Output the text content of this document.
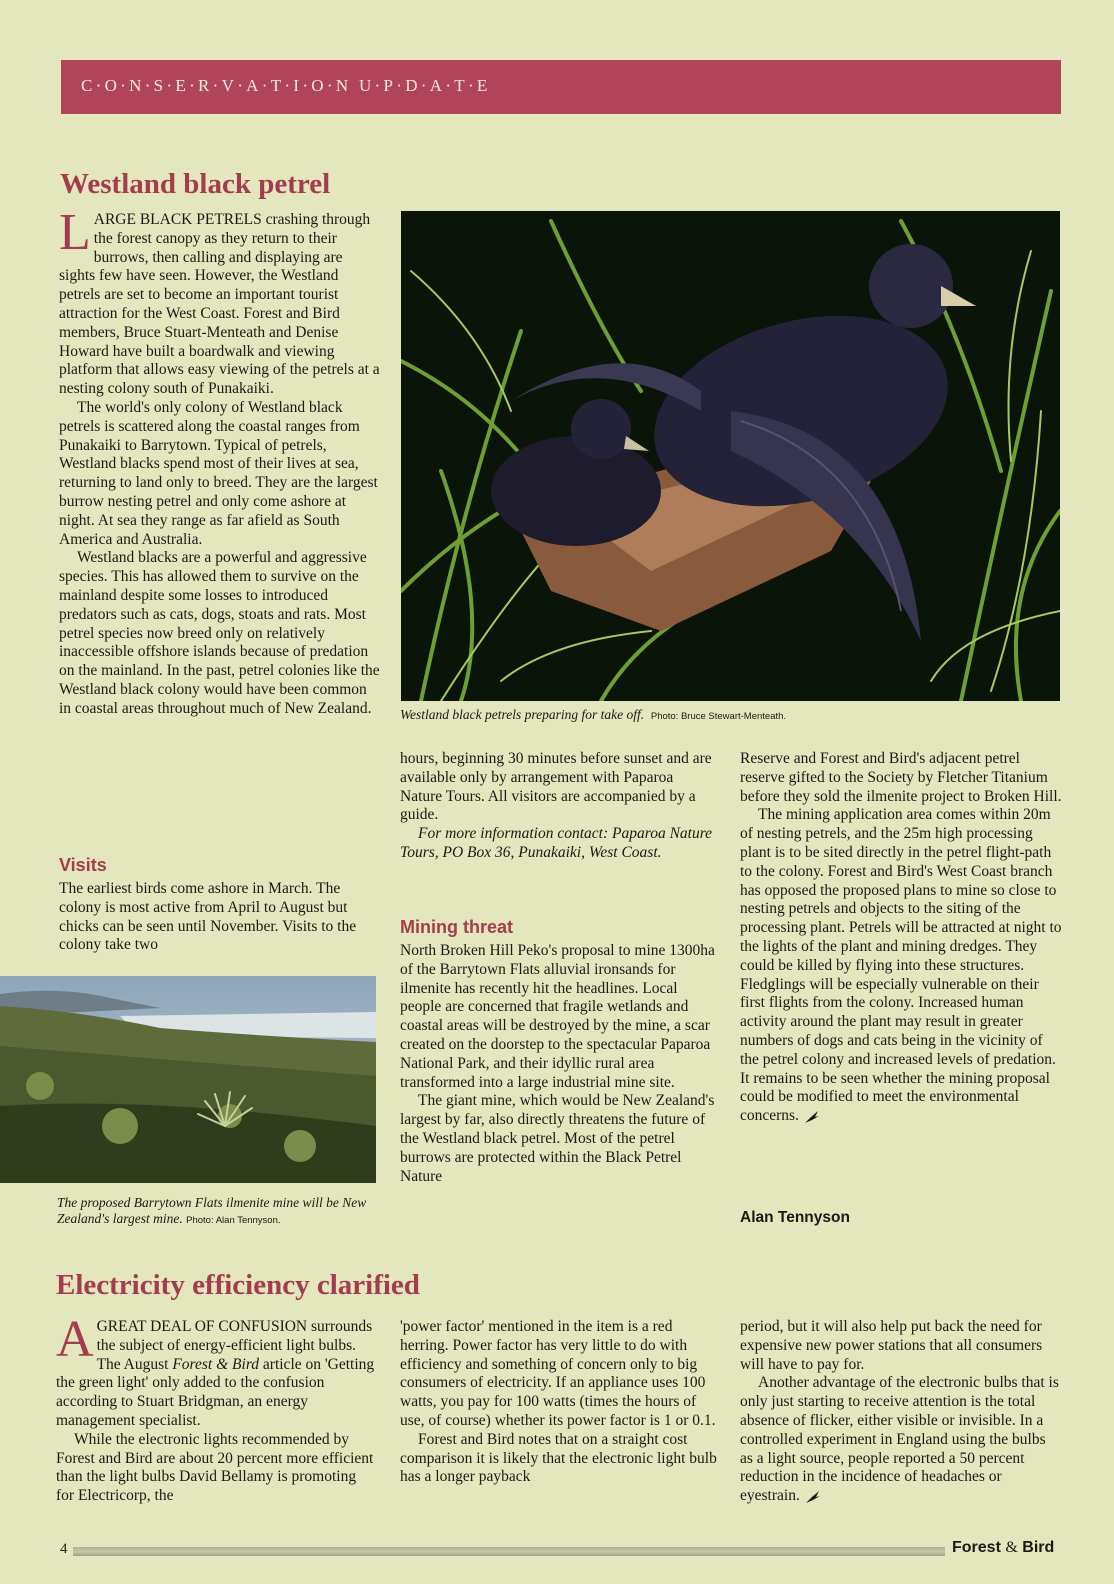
C·O·N·S·E·R·V·A·T·I·O·N U·P·D·A·T·E
Westland black petrel

LARGE BLACK PETRELS crashing through the forest canopy as they return to their burrows, then calling and displaying are sights few have seen. However, the Westland petrels are set to become an important tourist attraction for the West Coast. Forest and Bird members, Bruce Stuart-Menteath and Denise Howard have built a boardwalk and viewing platform that allows easy viewing of the petrels at a nesting colony south of Punakaiki.

The world's only colony of Westland black petrels is scattered along the coastal ranges from Punakaiki to Barrytown. Typical of petrels, Westland blacks spend most of their lives at sea, returning to land only to breed. They are the largest burrow nesting petrel and only come ashore at night. At sea they range as far afield as South America and Australia.

Westland blacks are a powerful and aggressive species. This has allowed them to survive on the mainland despite some losses to introduced predators such as cats, dogs, stoats and rats. Most petrel species now breed only on relatively inaccessible offshore islands because of predation on the mainland. In the past, petrel colonies like the Westland black colony would have been common in coastal areas throughout much of New Zealand.

Visits

The earliest birds come ashore in March. The colony is most active from April to August but chicks can be seen until November. Visits to the colony take two

Westland black petrels preparing for take off. Photo: Bruce Stewart-Menteath.

hours, beginning 30 minutes before sunset and are available only by arrangement with Paparoa Nature Tours. All visitors are accompanied by a guide.

For more information contact: Paparoa Nature Tours, PO Box 36, Punakaiki, West Coast.

Mining threat

North Broken Hill Peko's proposal to mine 1300ha of the Barrytown Flats alluvial ironsands for ilmenite has recently hit the headlines. Local people are concerned that fragile wetlands and coastal areas will be destroyed by the mine, a scar created on the doorstep to the spectacular Paparoa National Park, and their idyllic rural area transformed into a large industrial mine site.

The giant mine, which would be New Zealand's largest by far, also directly threatens the future of the Westland black petrel. Most of the petrel burrows are protected within the Black Petrel Nature

Reserve and Forest and Bird's adjacent petrel reserve gifted to the Society by Fletcher Titanium before they sold the ilmenite project to Broken Hill.

The mining application area comes within 20m of nesting petrels, and the 25m high processing plant is to be sited directly in the petrel flight-path to the colony. Forest and Bird's West Coast branch has opposed the proposed plans to mine so close to nesting petrels and objects to the siting of the processing plant. Petrels will be attracted at night to the lights of the plant and mining dredges. They could be killed by flying into these structures. Fledglings will be especially vulnerable on their first flights from the colony. Increased human activity around the plant may result in greater numbers of dogs and cats being in the vicinity of the petrel colony and increased levels of predation. It remains to be seen whether the mining proposal could be modified to meet the environmental concerns.

Alan Tennyson

The proposed Barrytown Flats ilmenite mine will be New Zealand's largest mine. Photo: Alan Tennyson.

Electricity efficiency clarified

AGREAT DEAL OF CONFUSION surrounds the subject of energy-efficient light bulbs. The August Forest & Bird article on 'Getting the green light' only added to the confusion according to Stuart Bridgman, an energy management specialist.

While the electronic lights recommended by Forest and Bird are about 20 percent more efficient than the light bulbs David Bellamy is promoting for Electricorp, the

'power factor' mentioned in the item is a red herring. Power factor has very little to do with efficiency and something of concern only to big consumers of electricity. If an appliance uses 100 watts, you pay for 100 watts (times the hours of use, of course) whether its power factor is 1 or 0.1.

Forest and Bird notes that on a straight cost comparison it is likely that the electronic light bulb has a longer payback

period, but it will also help put back the need for expensive new power stations that all consumers will have to pay for.

Another advantage of the electronic bulbs that is only just starting to receive attention is the total absence of flicker, either visible or invisible. In a controlled experiment in England using the bulbs as a light source, people reported a 50 percent reduction in the incidence of headaches or eyestrain.

4	Forest & Bird
